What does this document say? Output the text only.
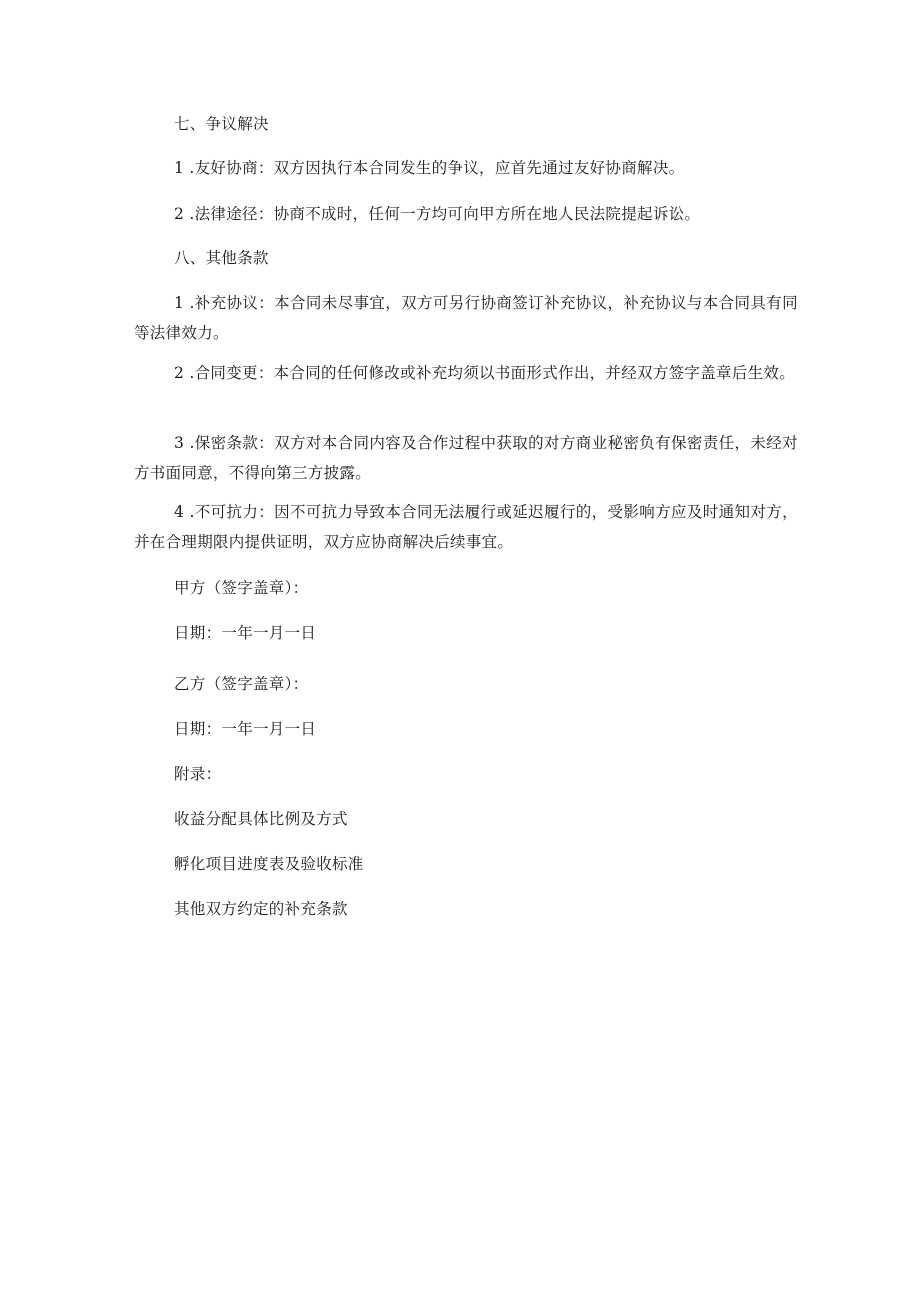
七、争议解决
1 .友好协商：双方因执行本合同发生的争议，应首先通过友好协商解决。
2 .法律途径：协商不成时，任何一方均可向甲方所在地人民法院提起诉讼。
八、其他条款
1 .补充协议：本合同未尽事宜，双方可另行协商签订补充协议，补充协议与本合同具有同等法律效力。
2 .合同变更：本合同的任何修改或补充均须以书面形式作出，并经双方签字盖章后生效。
3 .保密条款：双方对本合同内容及合作过程中获取的对方商业秘密负有保密责任，未经对方书面同意，不得向第三方披露。
4 .不可抗力：因不可抗力导致本合同无法履行或延迟履行的，受影响方应及时通知对方，并在合理期限内提供证明，双方应协商解决后续事宜。
甲方（签字盖章）：
日期：一年一月一日
乙方（签字盖章）：
日期：一年一月一日
附录：
收益分配具体比例及方式
孵化项目进度表及验收标准
其他双方约定的补充条款
